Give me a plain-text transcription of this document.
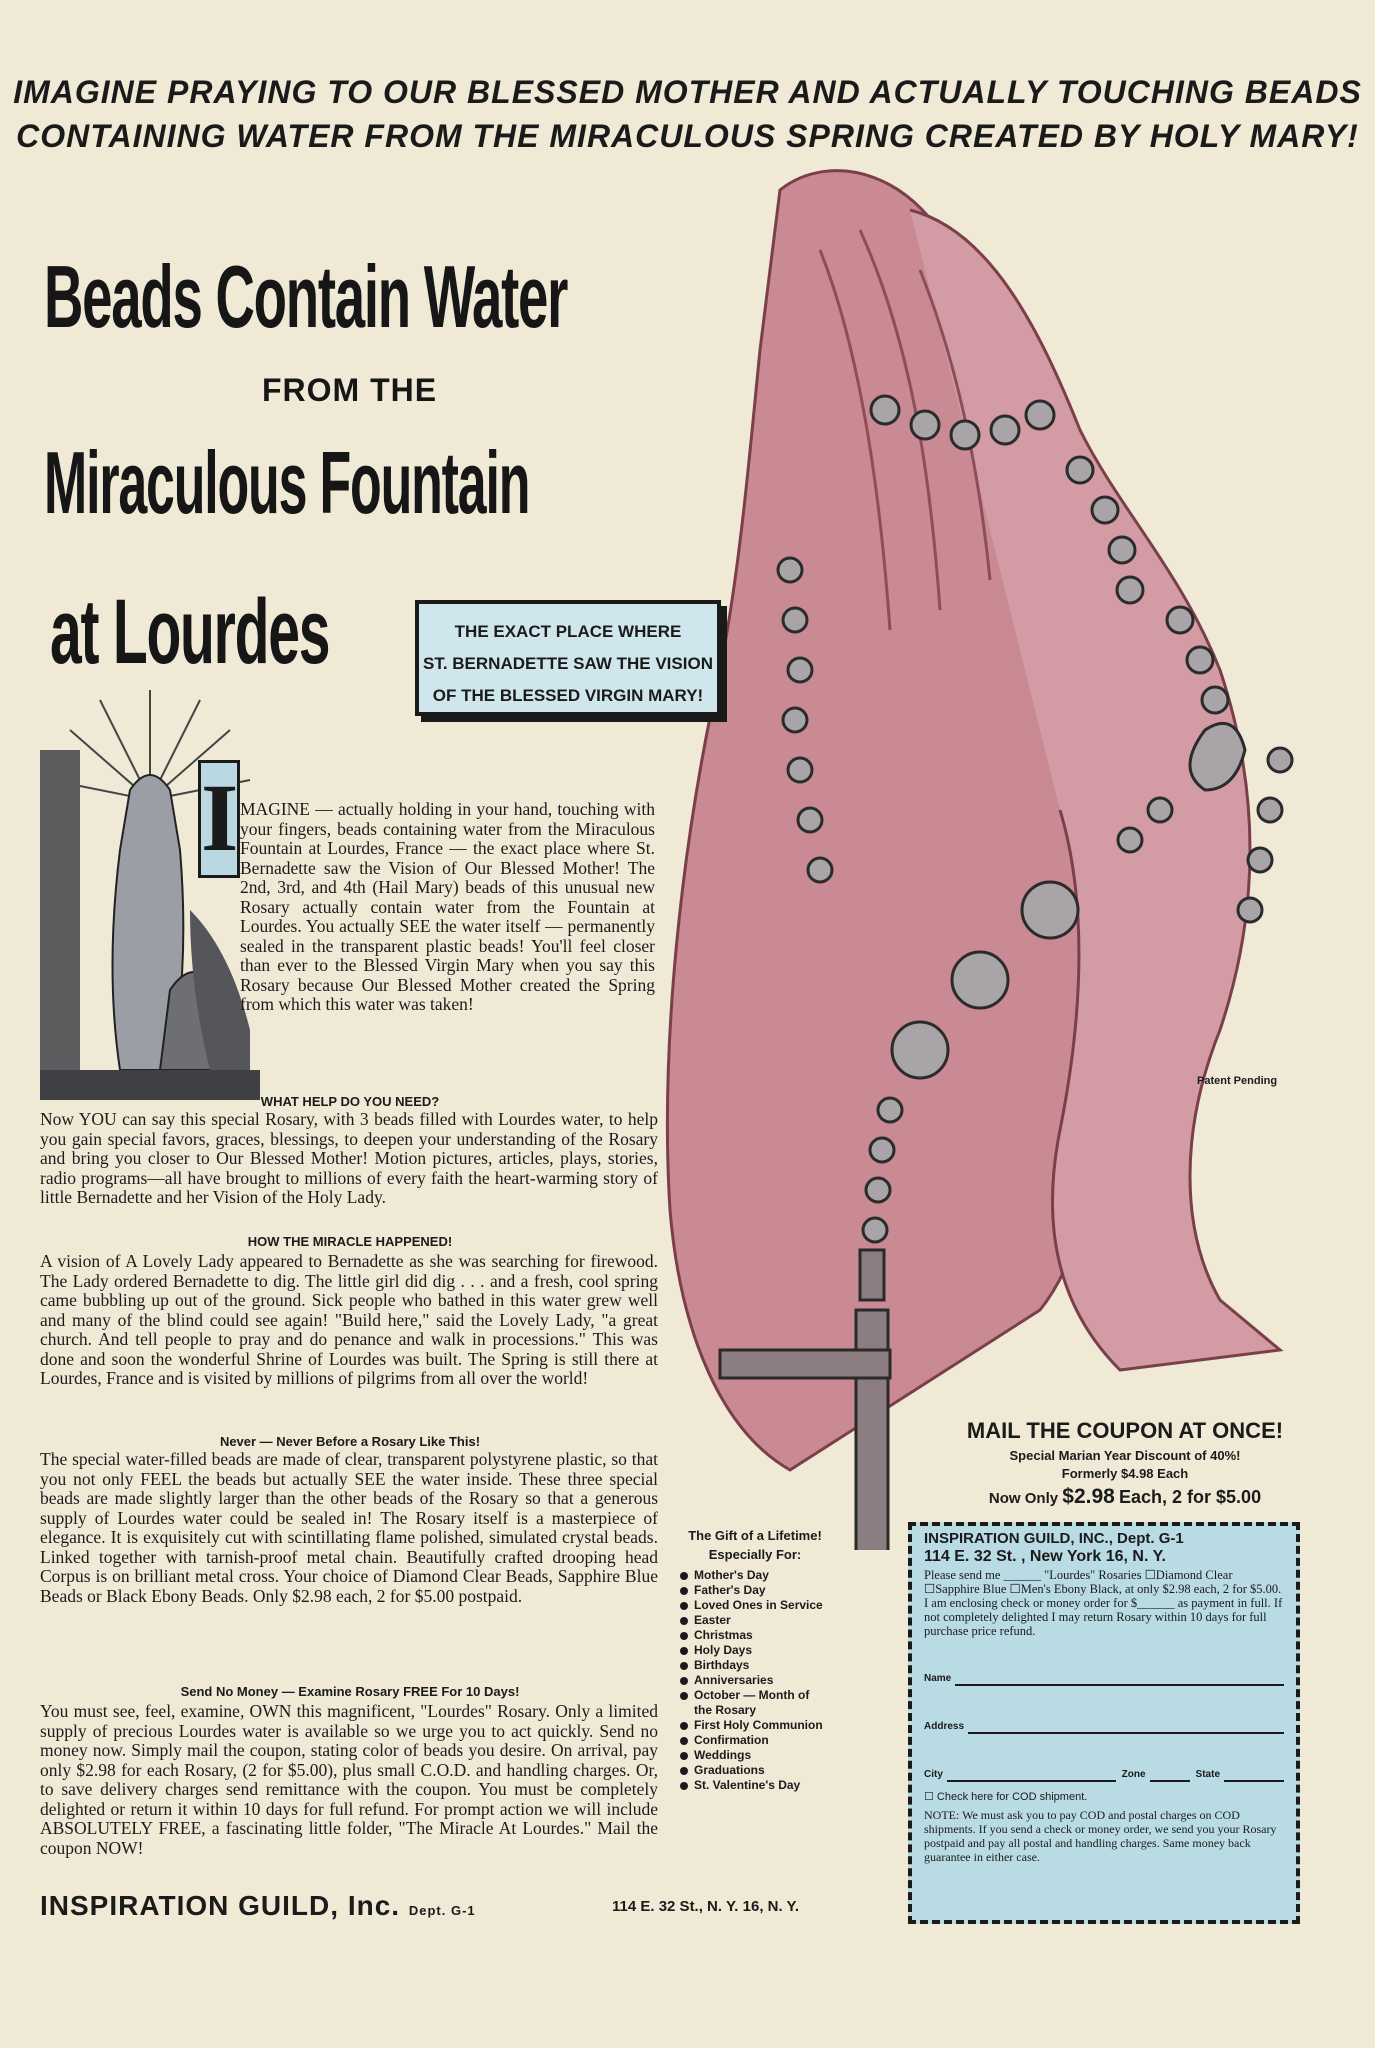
IMAGINE PRAYING TO OUR BLESSED MOTHER AND ACTUALLY TOUCHING BEADS
CONTAINING WATER FROM THE MIRACULOUS SPRING CREATED BY HOLY MARY!
Beads Contain Water
FROM THE
Miraculous Fountain
at Lourdes	THE EXACT PLACE WHERE
ST. BERNADETTE SAW THE VISION
OF THE BLESSED VIRGIN MARY!
I MAGINE — actually holding in your hand, touching with your fingers, beads containing water from the Miraculous Fountain at Lourdes, France — the exact place where St. Bernadette saw the Vision of Our Blessed Mother! The 2nd, 3rd, and 4th (Hail Mary) beads of this unusual new Rosary actually contain water from the Fountain at Lourdes. You actually SEE the water itself — permanently sealed in the transparent plastic beads! You'll feel closer than ever to the Blessed Virgin Mary when you say this Rosary because Our Blessed Mother created the Spring from which this water was taken!
WHAT HELP DO YOU NEED?
Now YOU can say this special Rosary, with 3 beads filled with Lourdes water, to help you gain special favors, graces, blessings, to deepen your understanding of the Rosary and bring you closer to Our Blessed Mother! Motion pictures, articles, plays, stories, radio programs—all have brought to millions of every faith the heart-warming story of little Bernadette and her Vision of the Holy Lady.
HOW THE MIRACLE HAPPENED!
A vision of A Lovely Lady appeared to Bernadette as she was searching for firewood. The Lady ordered Bernadette to dig. The little girl did dig . . . and a fresh, cool spring came bubbling up out of the ground. Sick people who bathed in this water grew well and many of the blind could see again! "Build here," said the Lovely Lady, "a great church. And tell people to pray and do penance and walk in processions." This was done and soon the wonderful Shrine of Lourdes was built. The Spring is still there at Lourdes, France and is visited by millions of pilgrims from all over the world!
Never — Never Before a Rosary Like This!
The special water-filled beads are made of clear, transparent polystyrene plastic, so that you not only FEEL the beads but actually SEE the water inside. These three special beads are made slightly larger than the other beads of the Rosary so that a generous supply of Lourdes water could be sealed in! The Rosary itself is a masterpiece of elegance. It is exquisitely cut with scintillating flame polished, simulated crystal beads. Linked together with tarnish-proof metal chain. Beautifully crafted drooping head Corpus is on brilliant metal cross. Your choice of Diamond Clear Beads, Sapphire Blue Beads or Black Ebony Beads. Only $2.98 each, 2 for $5.00 postpaid.
Send No Money — Examine Rosary FREE For 10 Days!
You must see, feel, examine, OWN this magnificent, "Lourdes" Rosary. Only a limited supply of precious Lourdes water is available so we urge you to act quickly. Send no money now. Simply mail the coupon, stating color of beads you desire. On arrival, pay only $2.98 for each Rosary, (2 for $5.00), plus small C.O.D. and handling charges. Or, to save delivery charges send remittance with the coupon. You must be completely delighted or return it within 10 days for full refund. For prompt action we will include ABSOLUTELY FREE, a fascinating little folder, "The Miracle At Lourdes." Mail the coupon NOW!
INSPIRATION GUILD, Inc. Dept. G-1	114 E. 32 St., N. Y. 16, N. Y.
Patent Pending
MAIL THE COUPON AT ONCE!
Special Marian Year Discount of 40%!
Formerly $4.98 Each
Now Only $2.98 Each, 2 for $5.00
The Gift of a Lifetime!
Especially For:
Mother's Day
Father's Day
Loved Ones in Service
Easter
Christmas
Holy Days
Birthdays
Anniversaries
October — Month of the Rosary
First Holy Communion
Confirmation
Weddings
Graduations
St. Valentine's Day
INSPIRATION GUILD, INC., Dept. G-1
114 E. 32 St. , New York 16, N. Y.
Please send me ______ "Lourdes" Rosaries ☐Diamond Clear ☐Sapphire Blue ☐Men's Ebony Black, at only $2.98 each, 2 for $5.00. I am enclosing check or money order for $______ as payment in full. If not completely delighted I may return Rosary within 10 days for full purchase price refund.
Name
Address
City	Zone	State
☐ Check here for COD shipment.
NOTE: We must ask you to pay COD and postal charges on COD shipments. If you send a check or money order, we send you your Rosary postpaid and pay all postal and handling charges. Same money back guarantee in either case.
